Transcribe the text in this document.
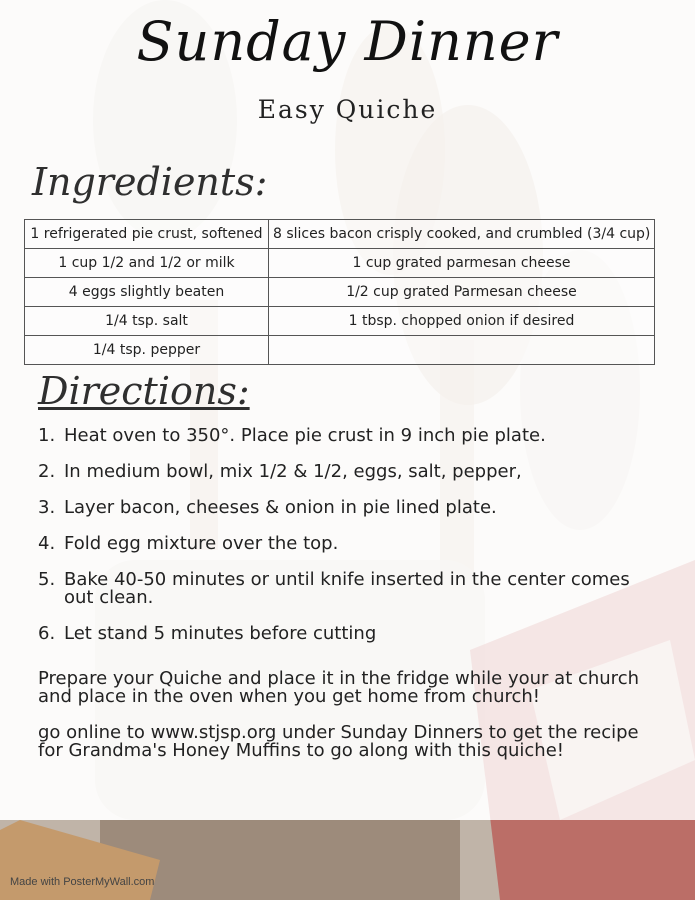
Sunday Dinner
Easy Quiche
Ingredients:
1 refrigerated pie crust, softened	8 slices bacon crisply cooked, and crumbled (3/4 cup)
1 cup 1/2 and 1/2 or milk	1 cup grated parmesan cheese
4 eggs slightly beaten	1/2 cup grated Parmesan cheese
1/4 tsp. salt	1 tbsp. chopped onion if desired
1/4 tsp. pepper	
Directions:
1. Heat oven to 350°. Place pie crust in 9 inch pie plate.
2. In medium bowl, mix 1/2 & 1/2, eggs, salt, pepper,
3. Layer bacon, cheeses & onion in pie lined plate.
4. Fold egg mixture over the top.
5. Bake 40-50 minutes or until knife inserted in the center comes out clean.
6. Let stand 5 minutes before cutting
Prepare your Quiche and place it in the fridge while your at church and place in the oven when you get home from church!
go online to www.stjsp.org under Sunday Dinners to get the recipe for Grandma's Honey Muffins to go along with this quiche!
Made with PosterMyWall.com
